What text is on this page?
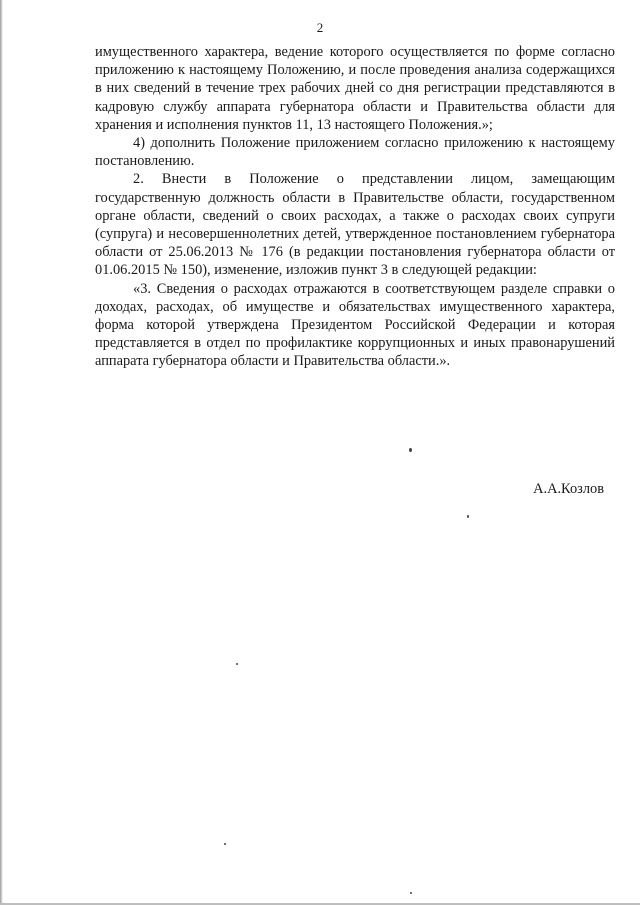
2

имущественного характера, ведение которого осуществляется по форме согласно приложению к настоящему Положению, и после проведения анализа содержащихся в них сведений в течение трех рабочих дней со дня регистрации представляются в кадровую службу аппарата губернатора области и Правительства области для хранения и исполнения пунктов 11, 13 настоящего Положения.»;

4) дополнить Положение приложением согласно приложению к настоящему постановлению.

2. Внести в Положение о представлении лицом, замещающим государственную должность области в Правительстве области, государственном органе области, сведений о своих расходах, а также о расходах своих супруги (супруга) и несовершеннолетних детей, утвержденное постановлением губернатора области от 25.06.2013 № 176 (в редакции постановления губернатора области от 01.06.2015 № 150), изменение, изложив пункт 3 в следующей редакции:

«3. Сведения о расходах отражаются в соответствующем разделе справки о доходах, расходах, об имуществе и обязательствах имущественного характера, форма которой утверждена Президентом Российской Федерации и которая представляется в отдел по профилактике коррупционных и иных правонарушений аппарата губернатора области и Правительства области.».

А.А.Козлов
